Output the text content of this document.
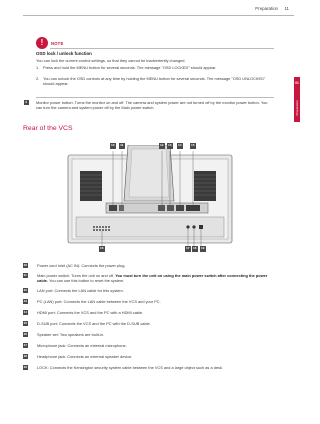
Preparation 11
01
Preparation
!	NOTE
OSD lock / unlock function
You can lock the current control settings, so that they cannot be inadvertently changed.
1. Press and hold the MENU button for several seconds. The message "OSD LOCKED" should appear.
2. You can unlock the OSD controls at any time by holding the MENU button for several seconds. The message "OSD UNLOCKED" should appear.
9	Monitor power button: Turns the monitor on and off. The camera and system power are not turned off by the monitor power button. You can turn the camera and system power off by the Main power switch.
Rear of the VCS
10	11	12	13	14	15
16	17	18	19
10	Power cord Inlet (AC IN): Connects the power plug.
11	Main power switch: Turns the unit on and off. You must turn the unit on using the main power switch after connecting the power cable. You can use this button to reset the system.
12	LAN port: Connects the LAN cable for this system.
13	PC (LAN) port: Connects the LAN cable between the VCS and your PC.
14	HDMI port: Connects the VCS and the PC with a HDMI cable.
15	D-SUB port: Connects the VCS and the PC with the D-SUB cable.
16	Speaker set: Two speakers are built-in.
17	Microphone jack: Connects an external microphone.
18	Headphone jack: Connects an external speaker device.
19	LOCK: Connects the Kensington security system cable between the VCS and a large object such as a desk.
